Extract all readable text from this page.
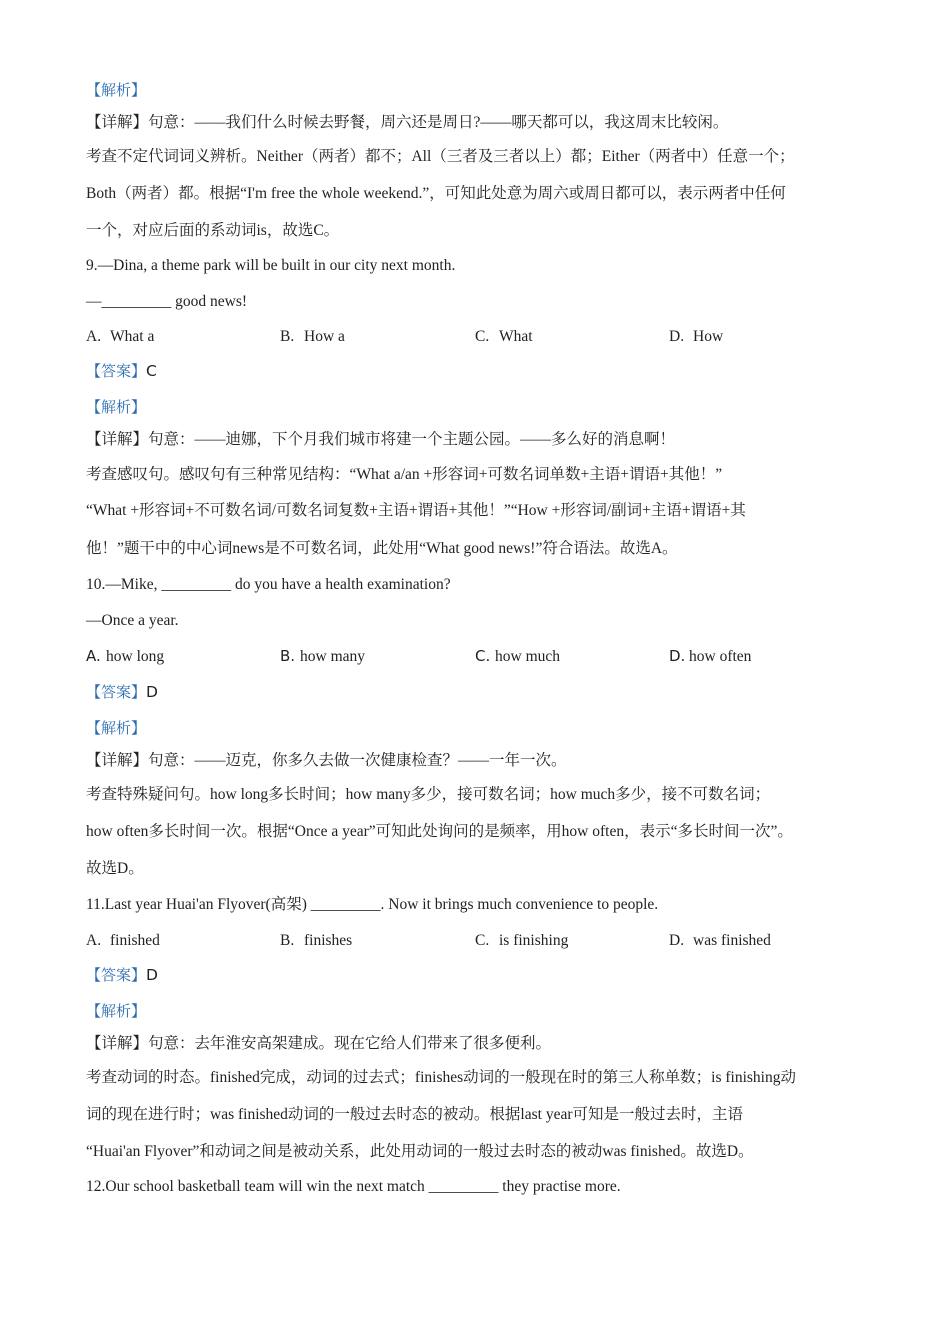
【解析】
【详解】句意：——我们什么时候去野餐，周六还是周日?——哪天都可以，我这周末比较闲。
考查不定代词词义辨析。Neither（两者）都不；All（三者及三者以上）都；Either（两者中）任意一个；
Both（两者）都。根据“I'm free the whole weekend.”，可知此处意为周六或周日都可以，表示两者中任何
一个，对应后面的系动词is，故选C。
9.—Dina, a theme park will be built in our city next month.
—_________ good news!
A. What a	B. How a	C. What	D. How
【答案】C
【解析】
【详解】句意：——迪娜，下个月我们城市将建一个主题公园。——多么好的消息啊！
考查感叹句。感叹句有三种常见结构：“What a/an +形容词+可数名词单数+主语+谓语+其他！”
“What +形容词+不可数名词/可数名词复数+主语+谓语+其他！”“How +形容词/副词+主语+谓语+其
他！”题干中的中心词news是不可数名词，此处用“What good news!”符合语法。故选A。
10.—Mike, _________ do you have a health examination?
—Once a year.
A. how long	B. how many	C. how much	D. how often
【答案】D
【解析】
【详解】句意：——迈克，你多久去做一次健康检查？——一年一次。
考查特殊疑问句。how long多长时间；how many多少，接可数名词；how much多少，接不可数名词；
how often多长时间一次。根据“Once a year”可知此处询问的是频率，用how often，表示“多长时间一次”。
故选D。
11.Last year Huai'an Flyover(高架) _________. Now it brings much convenience to people.
A. finished	B. finishes	C. is finishing	D. was finished
【答案】D
【解析】
【详解】句意：去年淮安高架建成。现在它给人们带来了很多便利。
考查动词的时态。finished完成，动词的过去式；finishes动词的一般现在时的第三人称单数；is finishing动
词的现在进行时；was finished动词的一般过去时态的被动。根据last year可知是一般过去时，主语
“Huai'an Flyover”和动词之间是被动关系，此处用动词的一般过去时态的被动was finished。故选D。
12.Our school basketball team will win the next match _________ they practise more.
